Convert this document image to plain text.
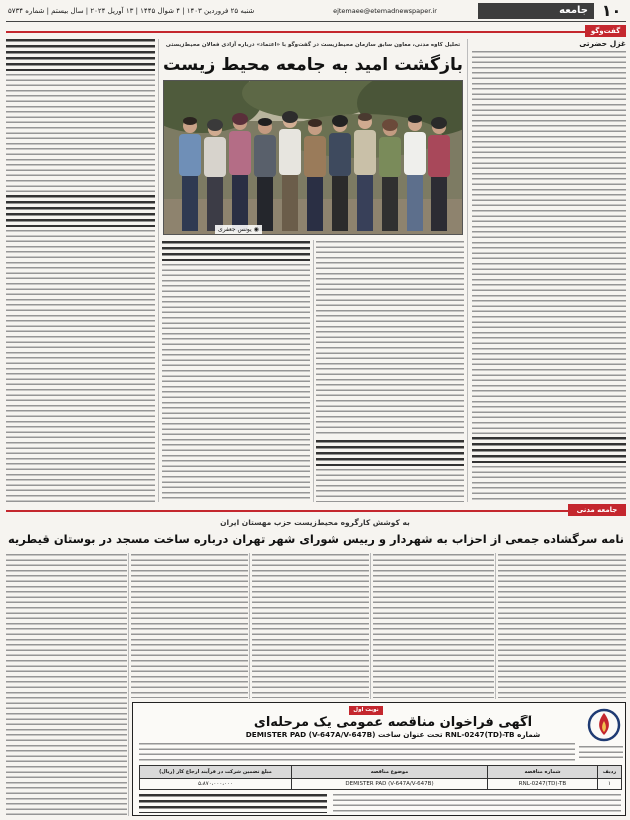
جامعه ۱۰
ejtemaee@etemadnewspaper.ir
شنبه ۲۵ فروردین ۱۴۰۳ | ۴ شوال ۱۴۴۵ | ۱۳ آوریل ۲۰۲۴ | سال بیستم | شماره ۵۷۳۴
گفت‌وگو
غزل حضرتی
تحلیل کاوه مدنی، معاون سابق سازمان محیط‌زیست در گفت‌وگو با «اعتماد» درباره آزادی فعالان محیط‌زیستی
بازگشت امید به جامعه محیط زیست
◉
یونس جعفری
جامعه مدنی
به کوشش کارگروه محیط‌زیست حزب مهستان ایران
نامه سرگشاده جمعی از احزاب به شهردار و رییس شورای شهر تهران درباره ساخت مسجد در بوستان قیطریه
نوبت اول
آگهی فراخوان مناقصه عمومی یک مرحله‌ای
شماره RNL-0247(TD)-TB تحت عنوان ساخت DEMISTER PAD (V-647A/V-647B)
ردیف	شماره مناقصه	موضوع مناقصه	مبلغ تضمین شرکت در فرآیند ارجاع کار (ریال)
۱	RNL-0247(TD)-TB	DEMISTER PAD (V-647A/V-647B)	۵،۸۷۰،۰۰۰،۰۰۰
